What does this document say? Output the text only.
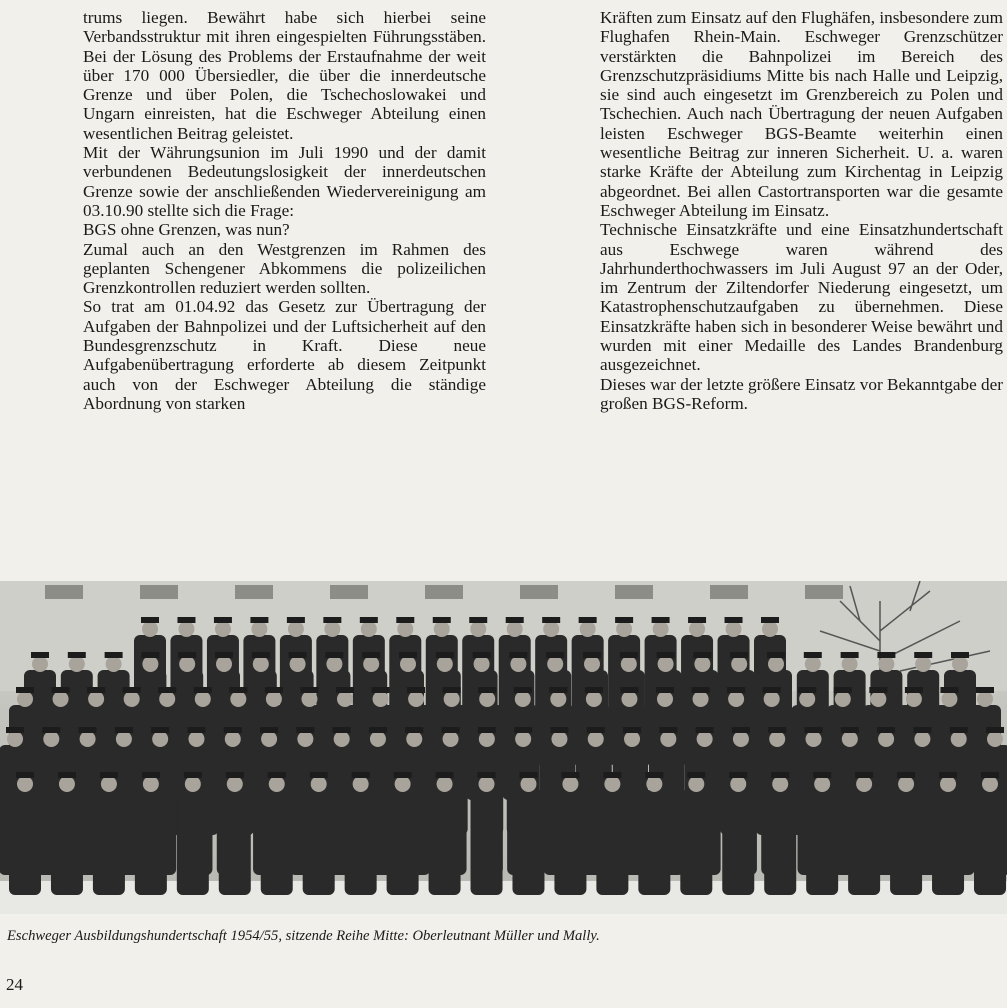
trums liegen. Bewährt habe sich hierbei seine Verbandsstruktur mit ihren eingespielten Führungsstäben. Bei der Lösung des Problems der Erstaufnahme der weit über 170 000 Übersiedler, die über die innerdeutsche Grenze und über Polen, die Tschechoslowakei und Ungarn einreisten, hat die Eschweger Abteilung einen wesentlichen Beitrag geleistet.

Mit der Währungsunion im Juli 1990 und der damit verbundenen Bedeutungslosigkeit der innerdeutschen Grenze sowie der anschließenden Wiedervereinigung am 03.10.90 stellte sich die Frage:

BGS ohne Grenzen, was nun?

Zumal auch an den Westgrenzen im Rahmen des geplanten Schengener Abkommens die polizeilichen Grenzkontrollen reduziert werden sollten.

So trat am 01.04.92 das Gesetz zur Übertragung der Aufgaben der Bahnpolizei und der Luftsicherheit auf den Bundesgrenzschutz in Kraft. Diese neue Aufgabenübertragung erforderte ab diesem Zeitpunkt auch von der Eschweger Abteilung die ständige Abordnung von starken

Kräften zum Einsatz auf den Flughäfen, insbesondere zum Flughafen Rhein-Main. Eschweger Grenzschützer verstärkten die Bahnpolizei im Bereich des Grenzschutzpräsidiums Mitte bis nach Halle und Leipzig, sie sind auch eingesetzt im Grenzbereich zu Polen und Tschechien. Auch nach Übertragung der neuen Aufgaben leisten Eschweger BGS-Beamte weiterhin einen wesentliche Beitrag zur inneren Sicherheit. U. a. waren starke Kräfte der Abteilung zum Kirchentag in Leipzig abgeordnet. Bei allen Castortransporten war die gesamte Eschweger Abteilung im Einsatz.

Technische Einsatzkräfte und eine Einsatzhundertschaft aus Eschwege waren während des Jahrhunderthochwassers im Juli August 97 an der Oder, im Zentrum der Ziltendorfer Niederung eingesetzt, um Katastrophenschutzaufgaben zu übernehmen. Diese Einsatzkräfte haben sich in besonderer Weise bewährt und wurden mit einer Medaille des Landes Brandenburg ausgezeichnet.

Dieses war der letzte größere Einsatz vor Bekanntgabe der großen BGS-Reform.

Eschweger Ausbildungshundertschaft 1954/55, sitzende Reihe Mitte: Oberleutnant Müller und Mally.
24
